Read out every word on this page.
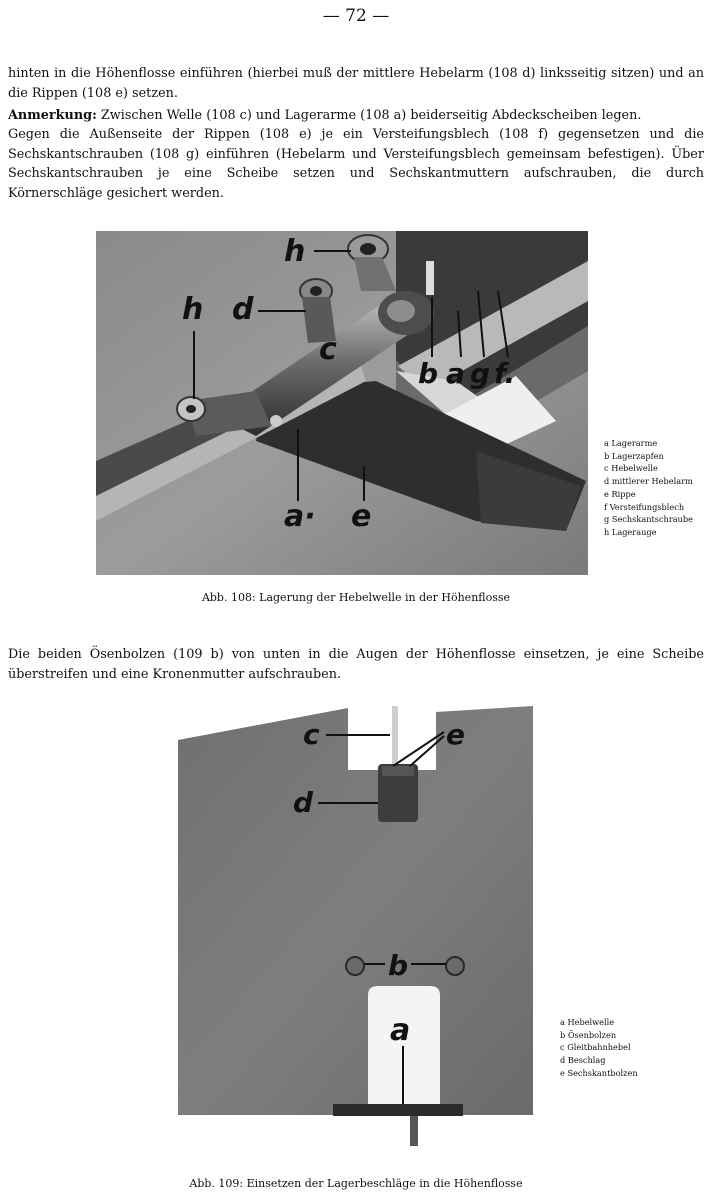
— 72 —
hinten in die Höhenflosse einführen (hierbei muß der mittlere Hebelarm (108 d) linksseitig sitzen) und an die Rippen (108 e) setzen.
Anmerkung: Zwischen Welle (108 c) und Lagerarme (108 a) beiderseitig Abdeckscheiben legen.
Gegen die Außenseite der Rippen (108 e) je ein Versteifungsblech (108 f) gegensetzen und die Sechskantschrauben (108 g) einführen (Hebelarm und Versteifungsblech gemeinsam befestigen). Über Sechskantschrauben je eine Scheibe setzen und Sechskantmuttern aufschrauben, die durch Körnerschläge gesichert werden.
h
h d
c
b a g f.
a· e
a Lagerarme
b Lagerzapfen
c Hebelwelle
d mittlerer Hebelarm
e Rippe
f Versteifungsblech
g Sechskantschraube
h Lagerauge
Abb. 108: Lagerung der Hebelwelle in der Höhenflosse
Die beiden Ösenbolzen (109 b) von unten in die Augen der Höhenflosse einsetzen, je eine Scheibe überstreifen und eine Kronenmutter aufschrauben.
c	e
d
b
a	a Hebelwelle
b Ösenbolzen
c Gleitbahnhebel
d Beschlag
e Sechskantbolzen
Abb. 109: Einsetzen der Lagerbeschläge in die Höhenflosse
